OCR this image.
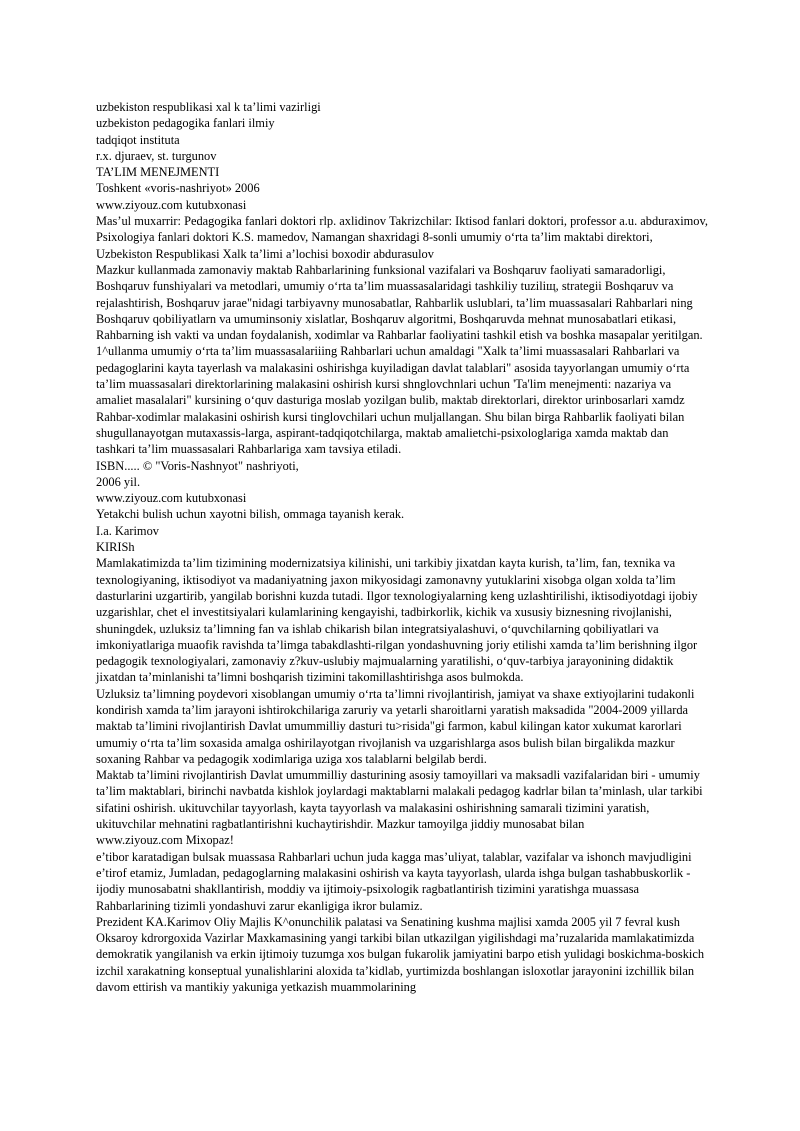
uzbekiston respublikasi xal k ta’limi vazirligi

uzbekiston pedagogika fanlari ilmiy

tadqiqot instituta

r.x. djuraev, st. turgunov

TA’LIM MENEJMENTI

Toshkent «voris-nashriyot» 2006

www.ziyouz.com kutubxonasi

Mas’ul muxarrir: Pedagogika fanlari doktori rlp. axlidinov Takrizchilar: Iktisod fanlari doktori, professor a.u. abduraximov, Psixologiya fanlari doktori K.S. mamedov, Namangan shaxridagi 8-sonli umumiy o‘rta ta’lim maktabi direktori, Uzbekiston Respublikasi Xalk ta’limi a’lochisi boxodir abdurasulov

Mazkur kullanmada zamonaviy maktab Rahbarlarining funksional vazifalari va Boshqaruv faoliyati samaradorligi, Boshqaruv funshiyalari va metodlari, umumiy o‘rta ta’lim muassasalaridagi tashkiliy tuziliщ, strategii Boshqaruv va rejalashtirish, Boshqaruv jarae"nidagi tarbiyavny munosabatlar, Rahbarlik uslublari, ta’lim muassasalari Rahbarlari ning Boshqaruv qobiliyatlarn va umuminsoniy xislatlar, Boshqaruv algoritmi, Boshqaruvda mehnat munosabatlari etikasi, Rahbarning ish vakti va undan foydalanish, xodimlar va Rahbarlar faoliyatini tashkil etish va boshka masapalar yeritilgan.

1^ullanma umumiy o‘rta ta’lim muassasalariiing Rahbarlari uchun amaldagi "Xalk ta’limi muassasalari Rahbarlari va pedagoglarini kayta tayerlash va malakasini oshirishga kuyiladigan davlat talablari" asosida tayyorlangan umumiy o‘rta ta’lim muassasalari direktorlarining malakasini oshirish kursi shnglovchnlari uchun 'Ta'lim menejmenti: nazariya va amaliet masalalari" kursining o‘quv dasturiga moslab yozilgan bulib, maktab direktorlari, direktor urinbosarlari xamdz Rahbar-xodimlar malakasini oshirish kursi tinglovchilari uchun muljallangan. Shu bilan birga Rahbarlik faoliyati bilan shugullanayotgan mutaxassis-larga, aspirant-tadqiqotchilarga, maktab amalietchi-psixologlariga xamda maktab dan tashkari ta’lim muassasalari Rahbarlariga xam tavsiya etiladi.

ISBN..... © "Voris-Nashnyot" nashriyoti,

2006 yil.

www.ziyouz.com kutubxonasi

Yetakchi bulish uchun xayotni bilish, ommaga tayanish kerak.

I.a. Karimov

KIRISh

Mamlakatimizda ta’lim tizimining modernizatsiya kilinishi, uni tarkibiy jixatdan kayta kurish, ta’lim, fan, texnika va texnologiyaning, iktisodiyot va madaniyatning jaxon mikyosidagi zamonavny yutuklarini xisobga olgan xolda ta’lim dasturlarini uzgartirib, yangilab borishni kuzda tutadi. Ilgor texnologiyalarning keng uzlashtirilishi, iktisodiyotdagi ijobiy uzgarishlar, chet el investitsiyalari kulamlarining kengayishi, tadbirkorlik, kichik va xususiy biznesning rivojlanishi, shuningdek, uzluksiz ta’limning fan va ishlab chikarish bilan integratsiyalashuvi, o‘quvchilarning qobiliyatlari va imkoniyatlariga muaofik ravishda ta’limga tabakdlashti-rilgan yondashuvning joriy etilishi xamda ta’lim berishning ilgor pedagogik texnologiyalari, zamonaviy z?kuv-uslubiy majmualarning yaratilishi, o‘quv-tarbiya jarayonining didaktik jixatdan ta’minlanishi ta’limni boshqarish tizimini takomillashtirishga asos bulmokda.

Uzluksiz ta’limning poydevori xisoblangan umumiy o‘rta ta’limni rivojlantirish, jamiyat va shaxe extiyojlarini tudakonli kondirish xamda ta’lim jarayoni ishtirokchilariga zaruriy va yetarli sharoitlarni yaratish maksadida "2004-2009 yillarda maktab ta’limini rivojlantirish Davlat umummilliy dasturi tu>risida"gi farmon, kabul kilingan kator xukumat karorlari umumiy o‘rta ta’lim soxasida amalga oshirilayotgan rivojlanish va uzgarishlarga asos bulish bilan birgalikda mazkur soxaning Rahbar va pedagogik xodimlariga uziga xos talablarni belgilab berdi.

Maktab ta’limini rivojlantirish Davlat umummilliy dasturining asosiy tamoyillari va maksadli vazifalaridan biri - umumiy ta’lim maktablari, birinchi navbatda kishlok joylardagi maktablarni malakali pedagog kadrlar bilan ta’minlash, ular tarkibi sifatini oshirish. ukituvchilar tayyorlash, kayta tayyorlash va malakasini oshirishning samarali tizimini yaratish, ukituvchilar mehnatini ragbatlantirishni kuchaytirishdir. Mazkur tamoyilga jiddiy munosabat bilan

www.ziyouz.com Mixopaz!

e’tibor karatadigan bulsak muassasa Rahbarlari uchun juda kagga mas’uliyat, talablar, vazifalar va ishonch mavjudligini e’tirof etamiz, Jumladan, pedagoglarning malakasini oshirish va kayta tayyorlash, ularda ishga bulgan tashabbuskorlik - ijodiy munosabatni shakllantirish, moddiy va ijtimoiy-psixologik ragbatlantirish tizimini yaratishga muassasa Rahbarlarining tizimli yondashuvi zarur ekanligiga ikror bulamiz.

Prezident KA.Karimov Oliy Majlis K^onunchilik palatasi va Senatining kushma majlisi xamda 2005 yil 7 fevral kush Oksaroy kdrorgoxida Vazirlar Maxkamasining yangi tarkibi bilan utkazilgan yigilishdagi ma’ruzalarida mamlakatimizda demokratik yangilanish va erkin ijtimoiy tuzumga xos bulgan fukarolik jamiyatini barpo etish yulidagi boskichma-boskich izchil xarakatning konseptual yunalishlarini aloxida ta’kidlab, yurtimizda boshlangan isloxotlar jarayonini izchillik bilan davom ettirish va mantikiy yakuniga yetkazish muammolarining
